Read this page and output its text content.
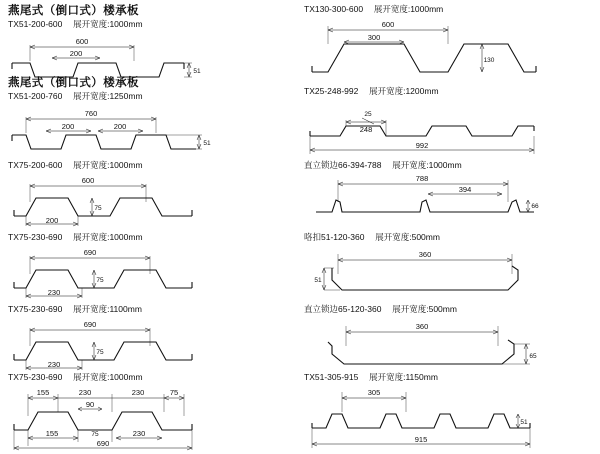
燕尾式（倒口式）楼承板
TX51-200-600 展开宽度:1000mm
600
200
51
燕尾式（倒口式）楼承板
TX51-200-760 展开宽度:1250mm
760
200	200
51
TX75-200-600 展开宽度:1000mm
600
200
75
TX75-230-690 展开宽度:1000mm
690
230
75
TX75-230-690 展开宽度:1100mm
690
230
75
TX75-230-690 展开宽度:1000mm
155	230	230	75
90
155	75	230
690
TX130-300-600 展开宽度:1000mm
600
300
130
TX25-248-992 展开宽度:1200mm
25
248
992
直立锁边66-394-788 展开宽度:1000mm
788
394
66
咯扣51-120-360 展开宽度:500mm
360
51
直立锁边65-120-360 展开宽度:500mm
360
65
TX51-305-915 展开宽度:1150mm
305
51
915
